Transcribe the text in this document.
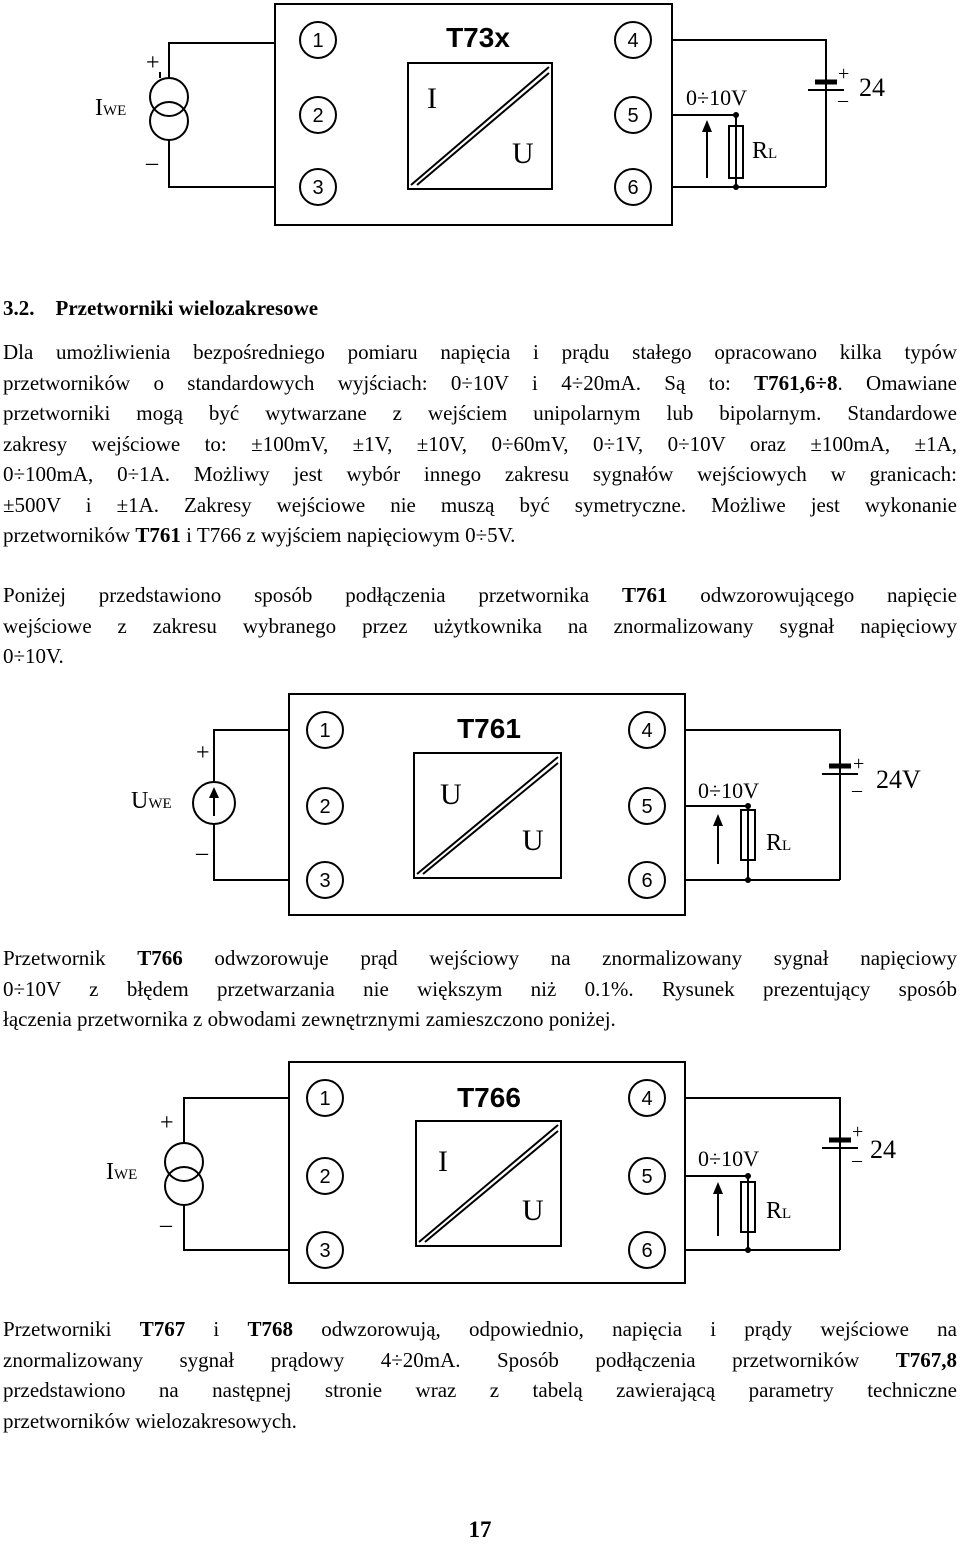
1
2
3
4
5
6
T73x
I
U
IWE
+
–
0÷10V
RL
+
– 24
3.2. Przetworniki wielozakresowe
Dla umożliwienia bezpośredniego pomiaru napięcia i prądu stałego opracowano kilka typów
przetworników o standardowych wyjściach: 0÷10V i 4÷20mA. Są to: T761,6÷8. Omawiane
przetworniki mogą być wytwarzane z wejściem unipolarnym lub bipolarnym. Standardowe
zakresy wejściowe to: ±100mV, ±1V, ±10V, 0÷60mV, 0÷1V, 0÷10V oraz ±100mA, ±1A,
0÷100mA, 0÷1A. Możliwy jest wybór innego zakresu sygnałów wejściowych w granicach:
±500V i ±1A. Zakresy wejściowe nie muszą być symetryczne. Możliwe jest wykonanie
przetworników T761 i T766 z wyjściem napięciowym 0÷5V.
Poniżej przedstawiono sposób podłączenia przetwornika T761 odwzorowującego napięcie
wejściowe z zakresu wybranego przez użytkownika na znormalizowany sygnał napięciowy
0÷10V.
1
2
3
4
5
6
T761
U
U
UWE
+
–
0÷10V
RL
+
– 24V
Przetwornik T766 odwzorowuje prąd wejściowy na znormalizowany sygnał napięciowy
0÷10V z błędem przetwarzania nie większym niż 0.1%. Rysunek prezentujący sposób
łączenia przetwornika z obwodami zewnętrznymi zamieszczono poniżej.
1
2
3
4
5
6
T766
I
U
IWE
+
–
0÷10V
RL
+
– 24
Przetworniki T767 i T768 odwzorowują, odpowiednio, napięcia i prądy wejściowe na
znormalizowany sygnał prądowy 4÷20mA. Sposób podłączenia przetworników T767,8
przedstawiono na następnej stronie wraz z tabelą zawierającą parametry techniczne
przetworników wielozakresowych.
17
